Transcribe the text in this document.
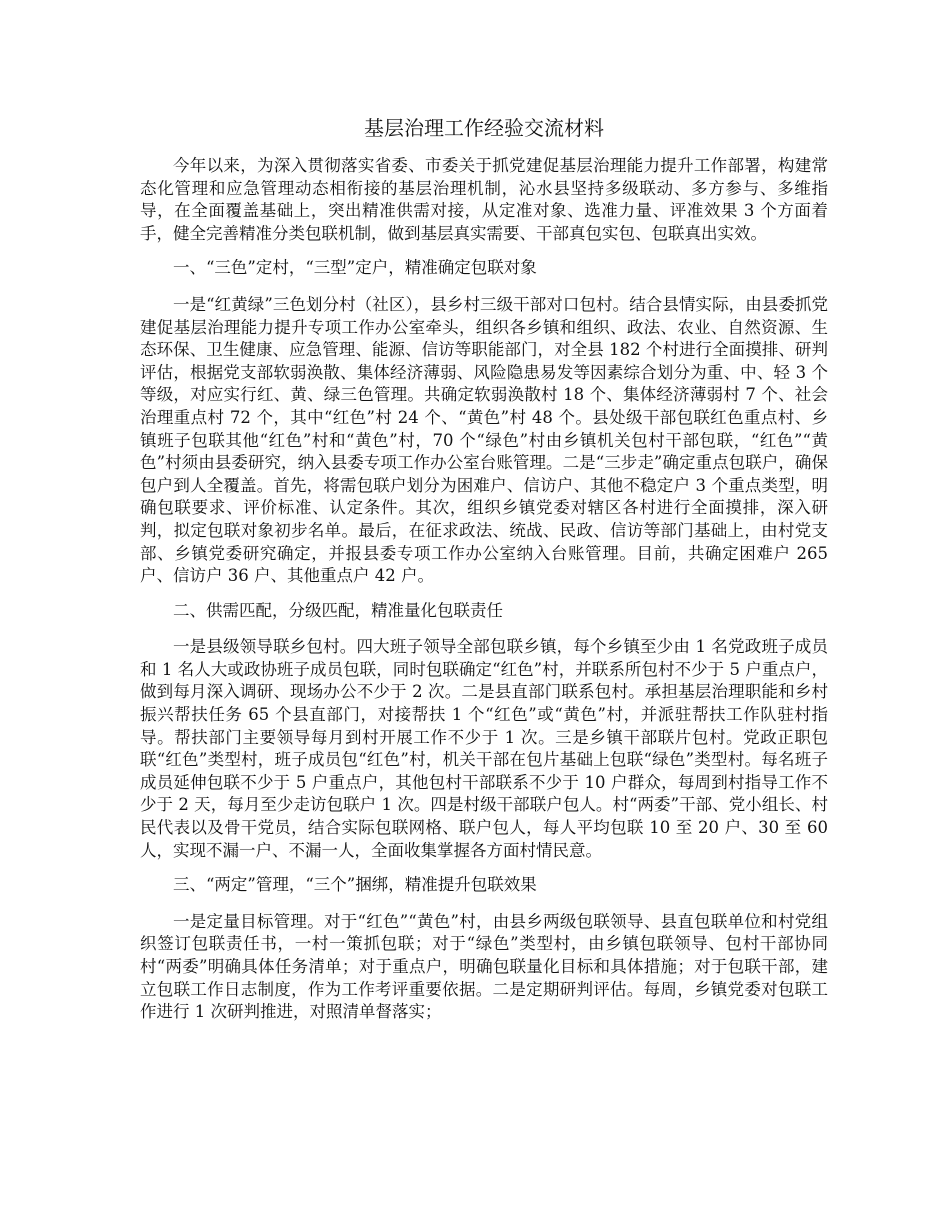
基层治理工作经验交流材料

今年以来，为深入贯彻落实省委、市委关于抓党建促基层治理能力提升工作部署，构建常态化管理和应急管理动态相衔接的基层治理机制，沁水县坚持多级联动、多方参与、多维指导，在全面覆盖基础上，突出精准供需对接，从定准对象、选准力量、评准效果 3 个方面着手，健全完善精准分类包联机制，做到基层真实需要、干部真包实包、包联真出实效。

一、“三色”定村，“三型”定户，精准确定包联对象

一是“红黄绿”三色划分村（社区），县乡村三级干部对口包村。结合县情实际，由县委抓党建促基层治理能力提升专项工作办公室牵头，组织各乡镇和组织、政法、农业、自然资源、生态环保、卫生健康、应急管理、能源、信访等职能部门，对全县 182 个村进行全面摸排、研判评估，根据党支部软弱涣散、集体经济薄弱、风险隐患易发等因素综合划分为重、中、轻 3 个等级，对应实行红、黄、绿三色管理。共确定软弱涣散村 18 个、集体经济薄弱村 7 个、社会治理重点村 72 个，其中“红色”村 24 个、“黄色”村 48 个。县处级干部包联红色重点村、乡镇班子包联其他“红色”村和“黄色”村，70 个“绿色”村由乡镇机关包村干部包联，“红色”“黄色”村须由县委研究，纳入县委专项工作办公室台账管理。二是“三步走”确定重点包联户，确保包户到人全覆盖。首先，将需包联户划分为困难户、信访户、其他不稳定户 3 个重点类型，明确包联要求、评价标准、认定条件。其次，组织乡镇党委对辖区各村进行全面摸排，深入研判，拟定包联对象初步名单。最后，在征求政法、统战、民政、信访等部门基础上，由村党支部、乡镇党委研究确定，并报县委专项工作办公室纳入台账管理。目前，共确定困难户 265 户、信访户 36 户、其他重点户 42 户。

二、供需匹配，分级匹配，精准量化包联责任

一是县级领导联乡包村。四大班子领导全部包联乡镇，每个乡镇至少由 1 名党政班子成员和 1 名人大或政协班子成员包联，同时包联确定“红色”村，并联系所包村不少于 5 户重点户，做到每月深入调研、现场办公不少于 2 次。二是县直部门联系包村。承担基层治理职能和乡村振兴帮扶任务 65 个县直部门，对接帮扶 1 个“红色”或“黄色”村，并派驻帮扶工作队驻村指导。帮扶部门主要领导每月到村开展工作不少于 1 次。三是乡镇干部联片包村。党政正职包联“红色”类型村，班子成员包“红色”村，机关干部在包片基础上包联“绿色”类型村。每名班子成员延伸包联不少于 5 户重点户，其他包村干部联系不少于 10 户群众，每周到村指导工作不少于 2 天，每月至少走访包联户 1 次。四是村级干部联户包人。村“两委”干部、党小组长、村民代表以及骨干党员，结合实际包联网格、联户包人，每人平均包联 10 至 20 户、30 至 60 人，实现不漏一户、不漏一人，全面收集掌握各方面村情民意。

三、“两定”管理，“三个”捆绑，精准提升包联效果

一是定量目标管理。对于“红色”“黄色”村，由县乡两级包联领导、县直包联单位和村党组织签订包联责任书，一村一策抓包联；对于“绿色”类型村，由乡镇包联领导、包村干部协同村“两委”明确具体任务清单；对于重点户，明确包联量化目标和具体措施；对于包联干部，建立包联工作日志制度，作为工作考评重要依据。二是定期研判评估。每周，乡镇党委对包联工作进行 1 次研判推进，对照清单督落实；
